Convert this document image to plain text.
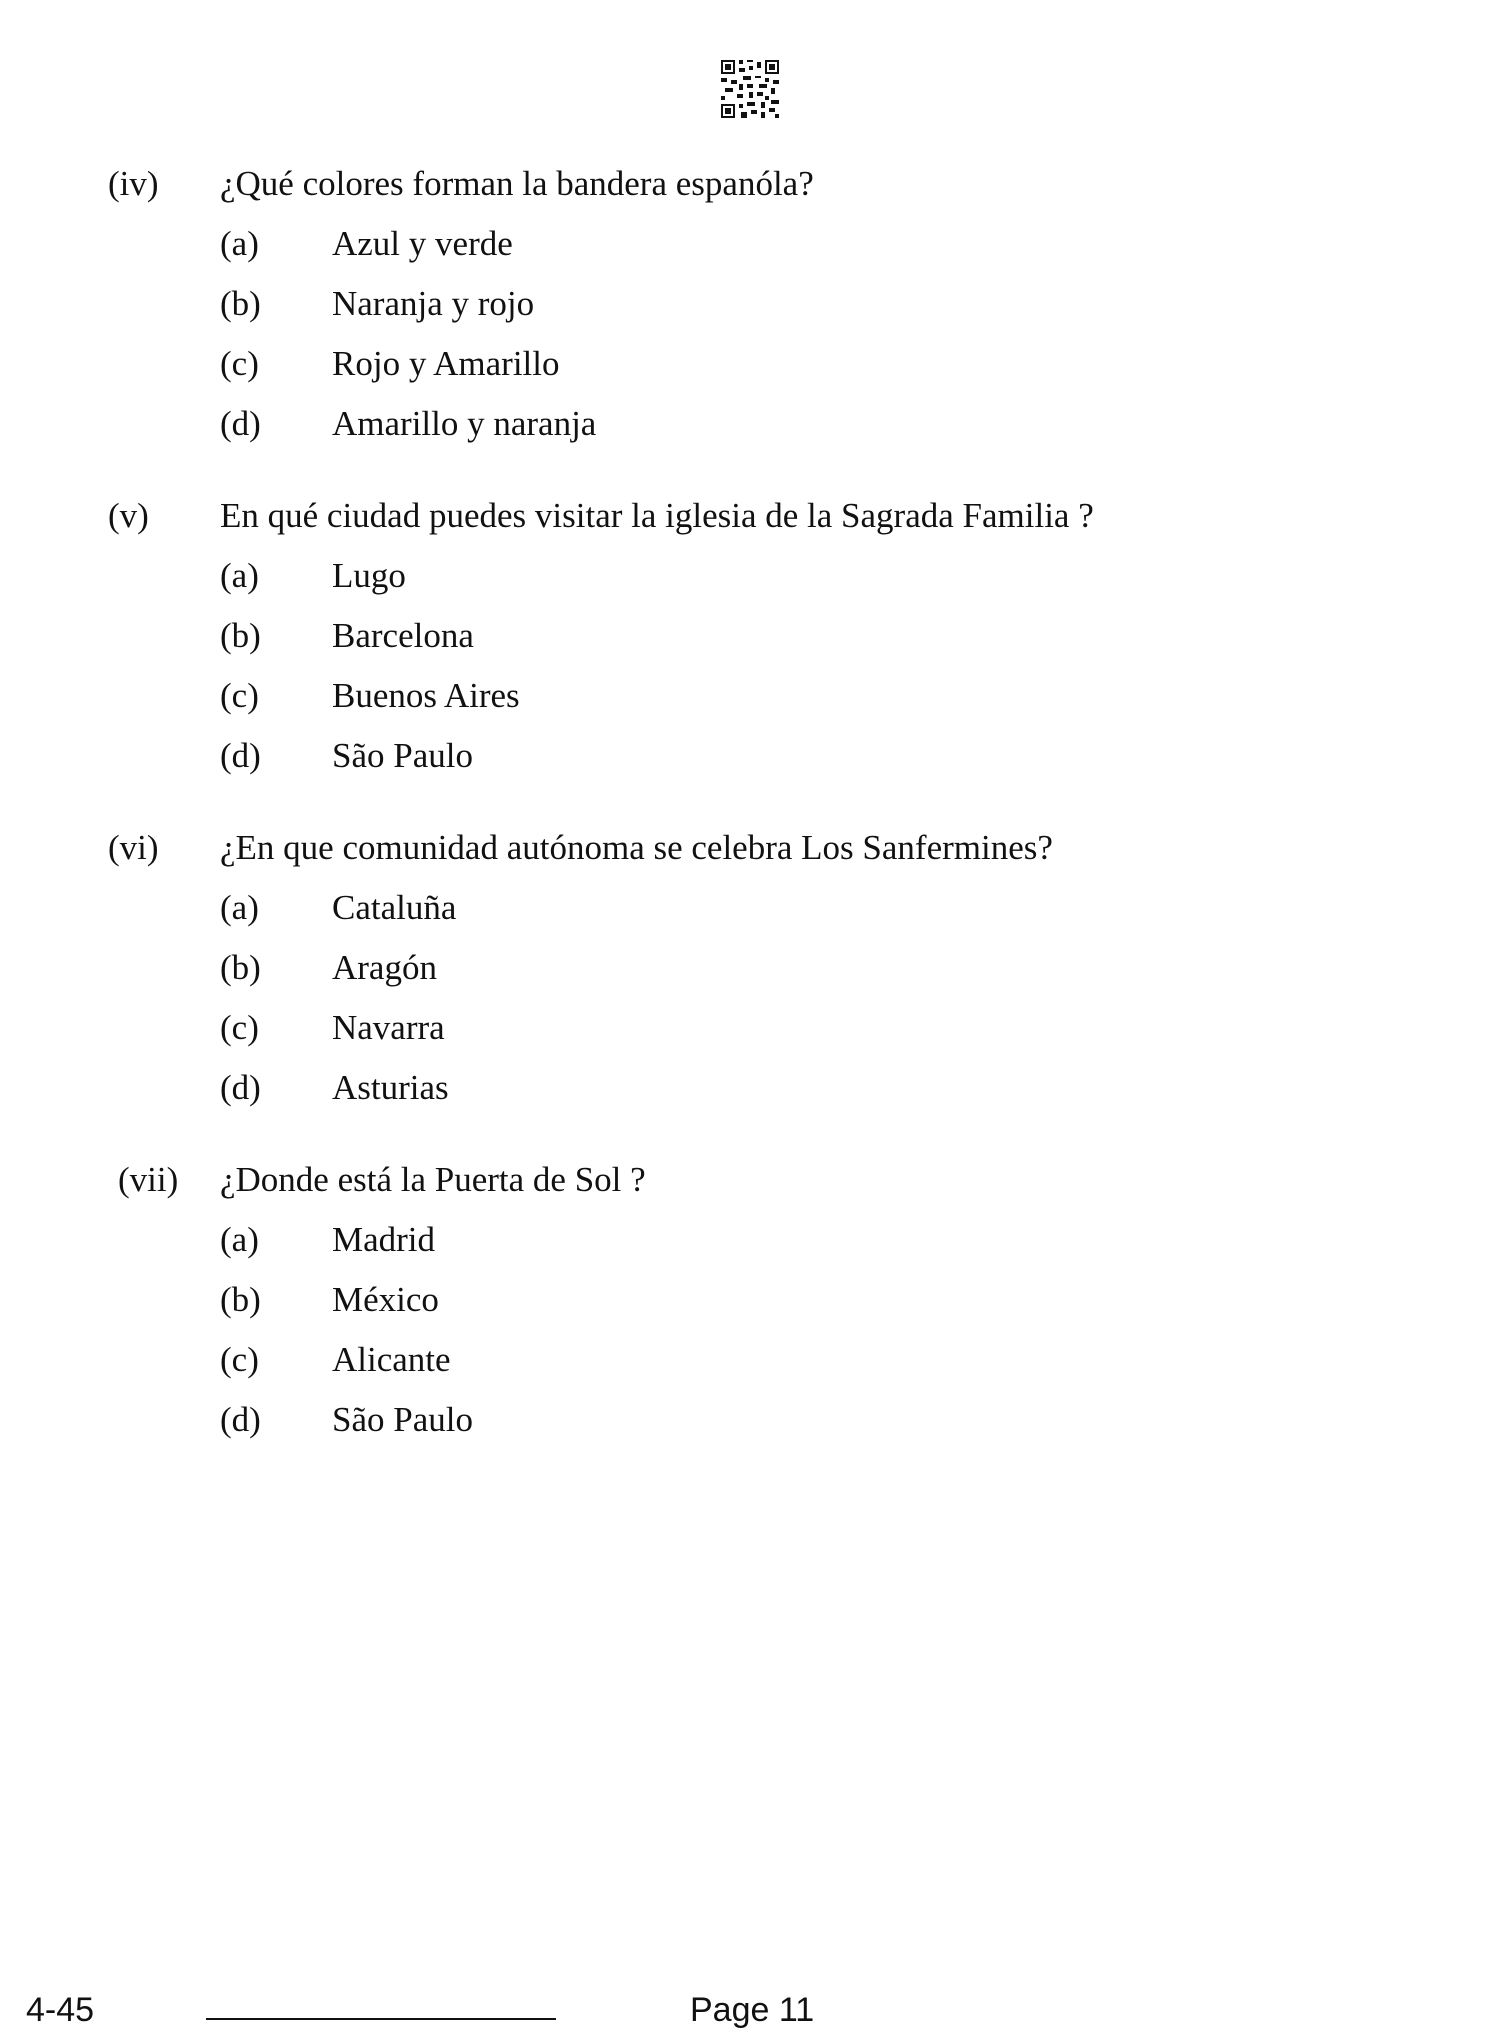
(iv) ¿Qué colores forman la bandera espanóla?
(a) Azul y verde
(b) Naranja y rojo
(c) Rojo y Amarillo
(d) Amarillo y naranja
(v) En qué ciudad puedes visitar la iglesia de la Sagrada Familia ?
(a) Lugo
(b) Barcelona
(c) Buenos Aires
(d) São Paulo
(vi) ¿En que comunidad autónoma se celebra Los Sanfermines?
(a) Cataluña
(b) Aragón
(c) Navarra
(d) Asturias
(vii) ¿Donde está la Puerta de Sol ?
(a) Madrid
(b) México
(c) Alicante
(d) São Paulo
4-45	Page 11
